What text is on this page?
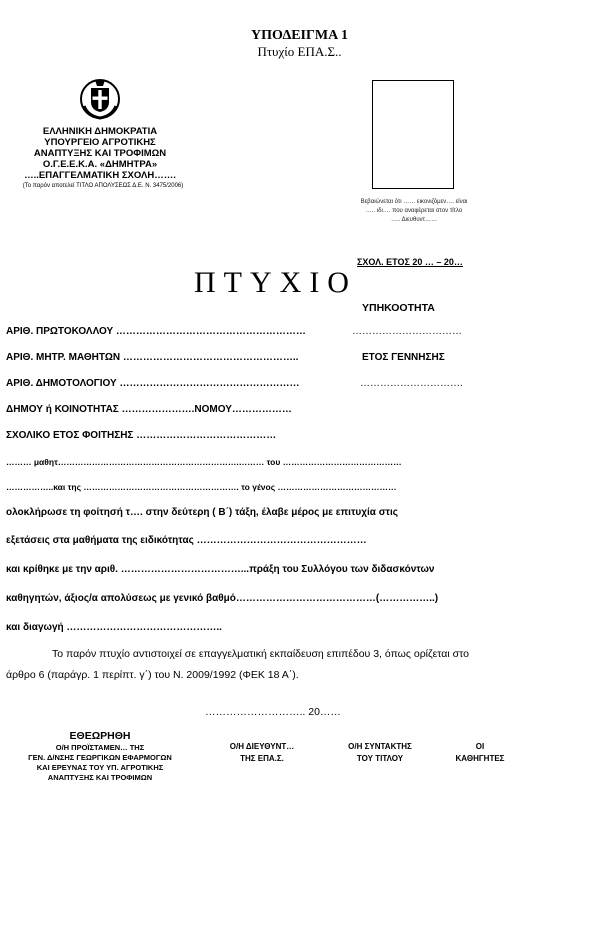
ΥΠΟΔΕΙΓΜΑ 1
Πτυχίο ΕΠΑ.Σ..
ΕΛΛΗΝΙΚΗ ΔΗΜΟΚΡΑΤΙΑ
ΥΠΟΥΡΓΕΙΟ ΑΓΡΟΤΙΚΗΣ
ΑΝΑΠΤΥΞΗΣ ΚΑΙ ΤΡΟΦΙΜΩΝ
Ο.Γ.Ε.Ε.Κ.Α. «ΔΗΜΗΤΡΑ»
…..ΕΠΑΓΓΕΛΜΑΤΙΚΗ ΣΧΟΛΗ…….
(Το παρόν αποτελεί ΤΙΤΛΟ ΑΠΟΛΥΣΕΩΣ Δ.Ε. Ν. 3475/2006)
Βεβαιώνεται ότι …… εικονιζόμεν…. είναι
….. ιδι…. που αναφέρεται στον τίτλο
….. Διευθυντ……
ΣΧΟΛ. ΕΤΟΣ 20 … – 20…
ΠΤΥΧΙΟ
ΥΠΗΚΟΟΤΗΤΑ
ΑΡΙΘ. ΠΡΩΤΟΚΟΛΛΟΥ …………………………………………………	……………………………
ΑΡΙΘ. ΜΗΤΡ. ΜΑΘΗΤΩΝ ……………………………………………..	ΕΤΟΣ ΓΕΝΝΗΣΗΣ
ΑΡΙΘ. ΔΗΜΟΤΟΛΟΓΙΟΥ ………………………………………………	………………………….
ΔΗΜΟΥ ή ΚΟΙΝΟΤΗΤΑΣ ………………….ΝΟΜΟΥ………………
ΣΧΟΛΙΚΟ ΕΤΟΣ ΦΟΙΤΗΣΗΣ ……………………………………
……… μαθητ……………………………………………………….……… του ……………………………………
……………..και της ………………………………………………. το γένος ……………………………………
ολοκλήρωσε τη φοίτησή τ…. στην δεύτερη ( Β΄) τάξη, έλαβε μέρος με επιτυχία στις
εξετάσεις στα μαθήματα της ειδικότητας ……………………………………………
και κρίθηκε με την αριθ. ………………………………...πράξη του Συλλόγου των διδασκόντων
καθηγητών, άξιος/α απολύσεως με γενικό βαθμό……………………………………(……………..)
και διαγωγή ………………………………………..
Το παρόν πτυχίο αντιστοιχεί σε επαγγελματική εκπαίδευση επιπέδου 3, όπως ορίζεται στο
άρθρο 6 (παράγρ. 1 περίπτ. γ΄) του Ν. 2009/1992 (ΦΕΚ 18 Α΄).
……………………….. 20……
ΕΘΕΩΡΗΘΗ
Ο/Η ΠΡΟΪΣΤΑΜΕΝ… ΤΗΣ
ΓΕΝ. Δ/ΝΣΗΣ ΓΕΩΡΓΙΚΩΝ ΕΦΑΡΜΟΓΩΝ
ΚΑΙ ΕΡΕΥΝΑΣ ΤΟΥ ΥΠ. ΑΓΡΟΤΙΚΗΣ
ΑΝΑΠΤΥΞΗΣ ΚΑΙ ΤΡΟΦΙΜΩΝ
Ο/Η ΔΙΕΥΘΥΝΤ…
ΤΗΣ ΕΠΑ.Σ.
Ο/Η ΣΥΝΤΑΚΤΗΣ
ΤΟΥ ΤΙΤΛΟΥ
ΟΙ
ΚΑΘΗΓΗΤΕΣ
